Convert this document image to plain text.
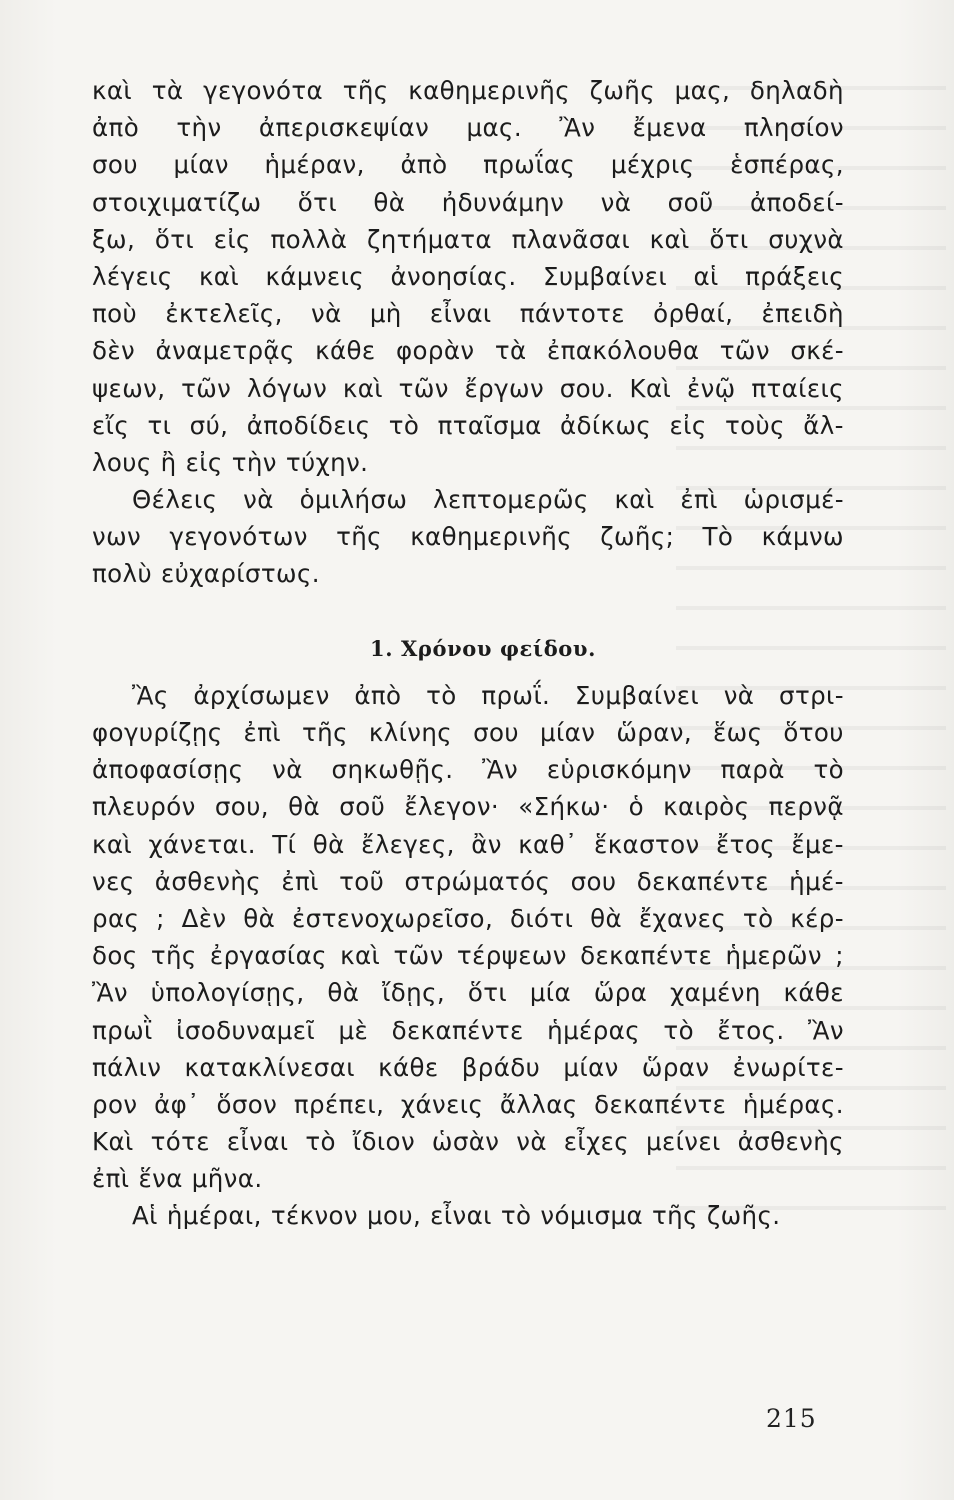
καὶ τὰ γεγονότα τῆς καθημερινῆς ζωῆς μας, δηλαδὴ
ἀπὸ τὴν ἀπερισκεψίαν μας. Ἂν ἔμενα πλησίον
σου μίαν ἡμέραν, ἀπὸ πρωΐας μέχρις ἑσπέρας,
στοιχιματίζω ὅτι θὰ ἠδυνάμην νὰ σοῦ ἀποδεί-
ξω, ὅτι εἰς πολλὰ ζητήματα πλανᾶσαι καὶ ὅτι συχνὰ
λέγεις καὶ κάμνεις ἀνοησίας. Συμβαίνει αἱ πράξεις
ποὺ ἐκτελεῖς, νὰ μὴ εἶναι πάντοτε ὀρθαί, ἐπειδὴ
δὲν ἀναμετρᾷς κάθε φορὰν τὰ ἐπακόλουθα τῶν σκέ-
ψεων, τῶν λόγων καὶ τῶν ἔργων σου. Καὶ ἐνῷ πταίεις
εἴς τι σύ, ἀποδίδεις τὸ πταῖσμα ἀδίκως εἰς τοὺς ἄλ-
λους ἢ εἰς τὴν τύχην.
Θέλεις νὰ ὁμιλήσω λεπτομερῶς καὶ ἐπὶ ὡρισμέ-
νων γεγονότων τῆς καθημερινῆς ζωῆς; Τὸ κάμνω
πολὺ εὐχαρίστως.
1. Χρόνου φείδου.
Ἂς ἀρχίσωμεν ἀπὸ τὸ πρωΐ. Συμβαίνει νὰ στρι-
φογυρίζῃς ἐπὶ τῆς κλίνης σου μίαν ὥραν, ἕως ὅτου
ἀποφασίσῃς νὰ σηκωθῇς. Ἂν εὑρισκόμην παρὰ τὸ
πλευρόν σου, θὰ σοῦ ἔλεγον· «Σήκω· ὁ καιρὸς περνᾷ
καὶ χάνεται. Τί θὰ ἔλεγες, ἂν καθ᾽ ἕκαστον ἔτος ἔμε-
νες ἀσθενὴς ἐπὶ τοῦ στρώματός σου δεκαπέντε ἡμέ-
ρας ; Δὲν θὰ ἐστενοχωρεῖσο, διότι θὰ ἔχανες τὸ κέρ-
δος τῆς ἐργασίας καὶ τῶν τέρψεων δεκαπέντε ἡμερῶν ;
Ἂν ὑπολογίσῃς, θὰ ἴδῃς, ὅτι μία ὥρα χαμένη κάθε
πρωῒ ἰσοδυναμεῖ μὲ δεκαπέντε ἡμέρας τὸ ἔτος. Ἂν
πάλιν κατακλίνεσαι κάθε βράδυ μίαν ὥραν ἐνωρίτε-
ρον ἀφ᾽ ὅσον πρέπει, χάνεις ἄλλας δεκαπέντε ἡμέρας.
Καὶ τότε εἶναι τὸ ἴδιον ὡσὰν νὰ εἶχες μείνει ἀσθενὴς
ἐπὶ ἕνα μῆνα.
Αἱ ἡμέραι, τέκνον μου, εἶναι τὸ νόμισμα τῆς ζωῆς.
215
